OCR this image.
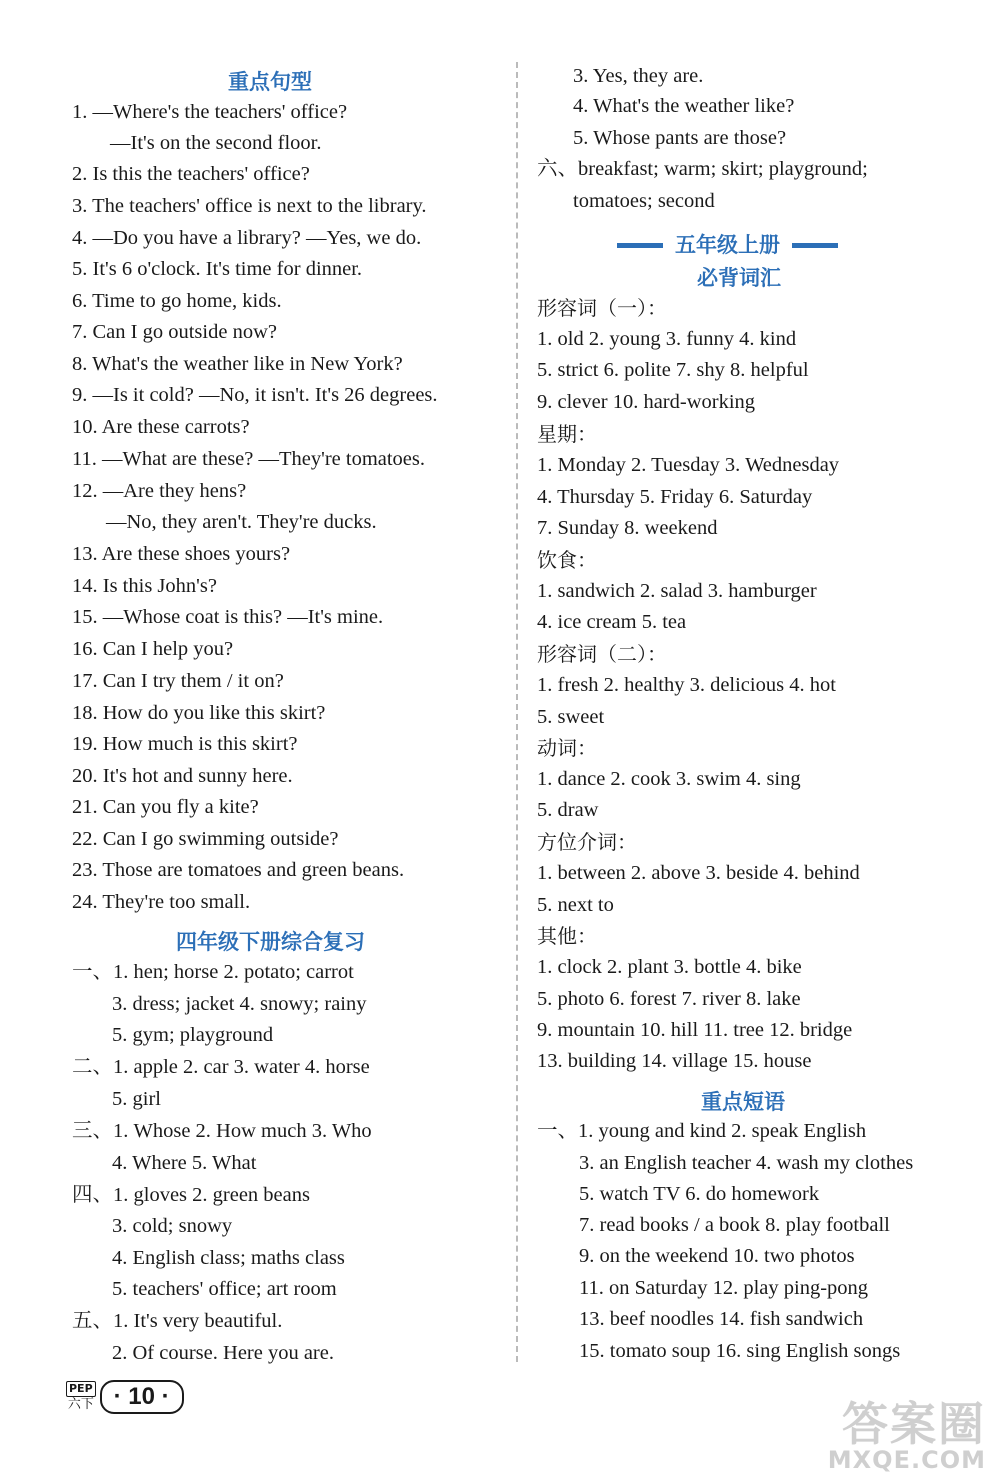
重点句型
1. —Where's the teachers' office?
—It's on the second floor.
2. Is this the teachers' office?
3. The teachers' office is next to the library.
4. —Do you have a library? —Yes, we do.
5. It's 6 o'clock. It's time for dinner.
6. Time to go home, kids.
7. Can I go outside now?
8. What's the weather like in New York?
9. —Is it cold? —No, it isn't. It's 26 degrees.
10. Are these carrots?
11. —What are these? —They're tomatoes.
12. —Are they hens?
—No, they aren't. They're ducks.
13. Are these shoes yours?
14. Is this John's?
15. —Whose coat is this? —It's mine.
16. Can I help you?
17. Can I try them / it on?
18. How do you like this skirt?
19. How much is this skirt?
20. It's hot and sunny here.
21. Can you fly a kite?
22. Can I go swimming outside?
23. Those are tomatoes and green beans.
24. They're too small.
四年级下册综合复习
一、1. hen; horse 2. potato; carrot
3. dress; jacket 4. snowy; rainy
5. gym; playground
二、1. apple 2. car 3. water 4. horse
5. girl
三、1. Whose 2. How much 3. Who
4. Where 5. What
四、1. gloves 2. green beans
3. cold; snowy
4. English class; maths class
5. teachers' office; art room
五、1. It's very beautiful.
2. Of course. Here you are.
3. Yes, they are.
4. What's the weather like?
5. Whose pants are those?
六、breakfast; warm; skirt; playground;
tomatoes; second
五年级上册
必背词汇
形容词（一）：
1. old 2. young 3. funny 4. kind
5. strict 6. polite 7. shy 8. helpful
9. clever 10. hard-working
星期：
1. Monday 2. Tuesday 3. Wednesday
4. Thursday 5. Friday 6. Saturday
7. Sunday 8. weekend
饮食：
1. sandwich 2. salad 3. hamburger
4. ice cream 5. tea
形容词（二）：
1. fresh 2. healthy 3. delicious 4. hot
5. sweet
动词：
1. dance 2. cook 3. swim 4. sing
5. draw
方位介词：
1. between 2. above 3. beside 4. behind
5. next to
其他：
1. clock 2. plant 3. bottle 4. bike
5. photo 6. forest 7. river 8. lake
9. mountain 10. hill 11. tree 12. bridge
13. building 14. village 15. house
重点短语
一、1. young and kind 2. speak English
3. an English teacher 4. wash my clothes
5. watch TV 6. do homework
7. read books / a book 8. play football
9. on the weekend 10. two photos
11. on Saturday 12. play ping-pong
13. beef noodles 14. fish sandwich
15. tomato soup 16. sing English songs
PEP
六下 · 10 ·
答案圈
MXQE.COM
